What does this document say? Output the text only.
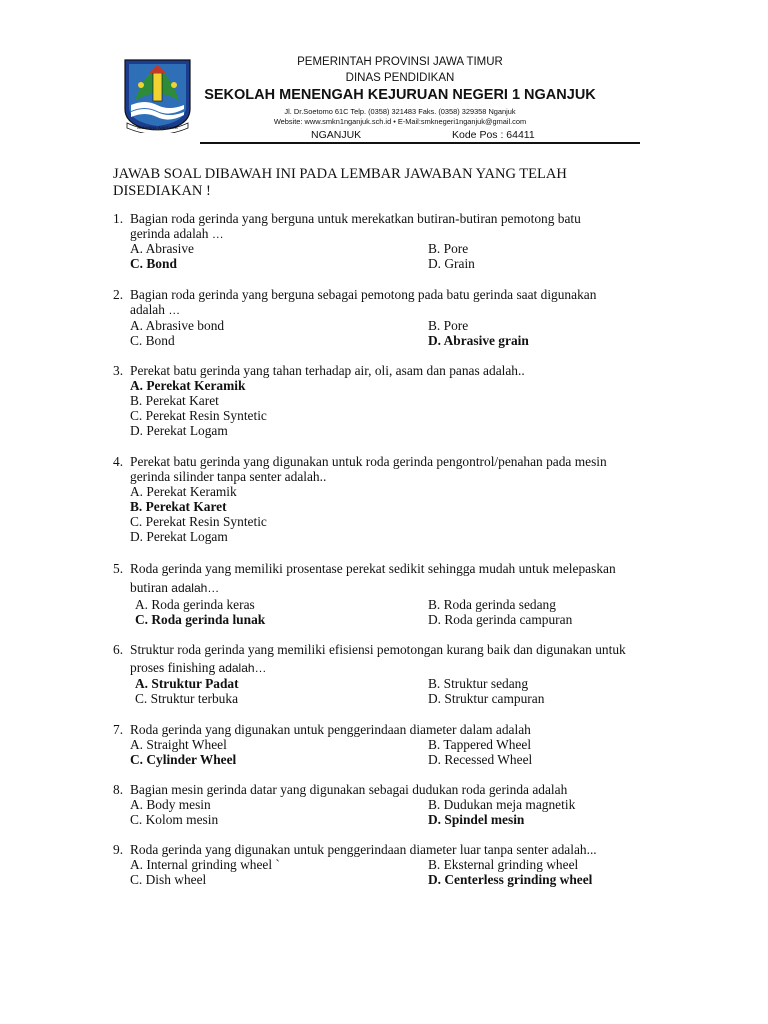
ANDHANA WANDHYA
PEMERINTAH PROVINSI JAWA TIMUR
DINAS PENDIDIKAN
SEKOLAH MENENGAH KEJURUAN NEGERI 1 NGANJUK
Jl. Dr.Soetomo 61C Telp. (0358) 321483 Faks. (0358) 329358 Nganjuk
Website: www.smkn1nganjuk.sch.id • E-Mail:smknegeri1nganjuk@gmail.com
NGANJUK	Kode Pos : 64411
JAWAB SOAL DIBAWAH INI PADA LEMBAR JAWABAN YANG TELAH DISEDIAKAN !
1. Bagian roda gerinda yang berguna untuk merekatkan butiran-butiran pemotong batu
gerinda adalah …
A. Abrasive	B. Pore
C. Bond	D. Grain
2. Bagian roda gerinda yang berguna sebagai pemotong pada batu gerinda saat digunakan
adalah …
A. Abrasive bond	B. Pore
C. Bond	D. Abrasive grain
3. Perekat batu gerinda yang tahan terhadap air, oli, asam dan panas adalah..
A. Perekat Keramik
B. Perekat Karet
C. Perekat Resin Syntetic
D. Perekat Logam
4. Perekat batu gerinda yang digunakan untuk roda gerinda pengontrol/penahan pada mesin
gerinda silinder tanpa senter adalah..
A. Perekat Keramik
B. Perekat Karet
C. Perekat Resin Syntetic
D. Perekat Logam
5. Roda gerinda yang memiliki prosentase perekat sedikit sehingga mudah untuk melepaskan
butiran adalah…
A. Roda gerinda keras	B. Roda gerinda sedang
C. Roda gerinda lunak	D. Roda gerinda campuran
6. Struktur roda gerinda yang memiliki efisiensi pemotongan kurang baik dan digunakan untuk
proses finishing adalah…
A. Struktur Padat	B. Struktur sedang
C. Struktur terbuka	D. Struktur campuran
7. Roda gerinda yang digunakan untuk penggerindaan diameter dalam adalah
A. Straight Wheel	B. Tappered Wheel
C. Cylinder Wheel	D. Recessed Wheel
8. Bagian mesin gerinda datar yang digunakan sebagai dudukan roda gerinda adalah
A. Body mesin	B. Dudukan meja magnetik
C. Kolom mesin	D. Spindel mesin
9. Roda gerinda yang digunakan untuk penggerindaan diameter luar tanpa senter adalah...
A. Internal grinding wheel `	B. Eksternal grinding wheel
C. Dish wheel	D. Centerless grinding wheel
